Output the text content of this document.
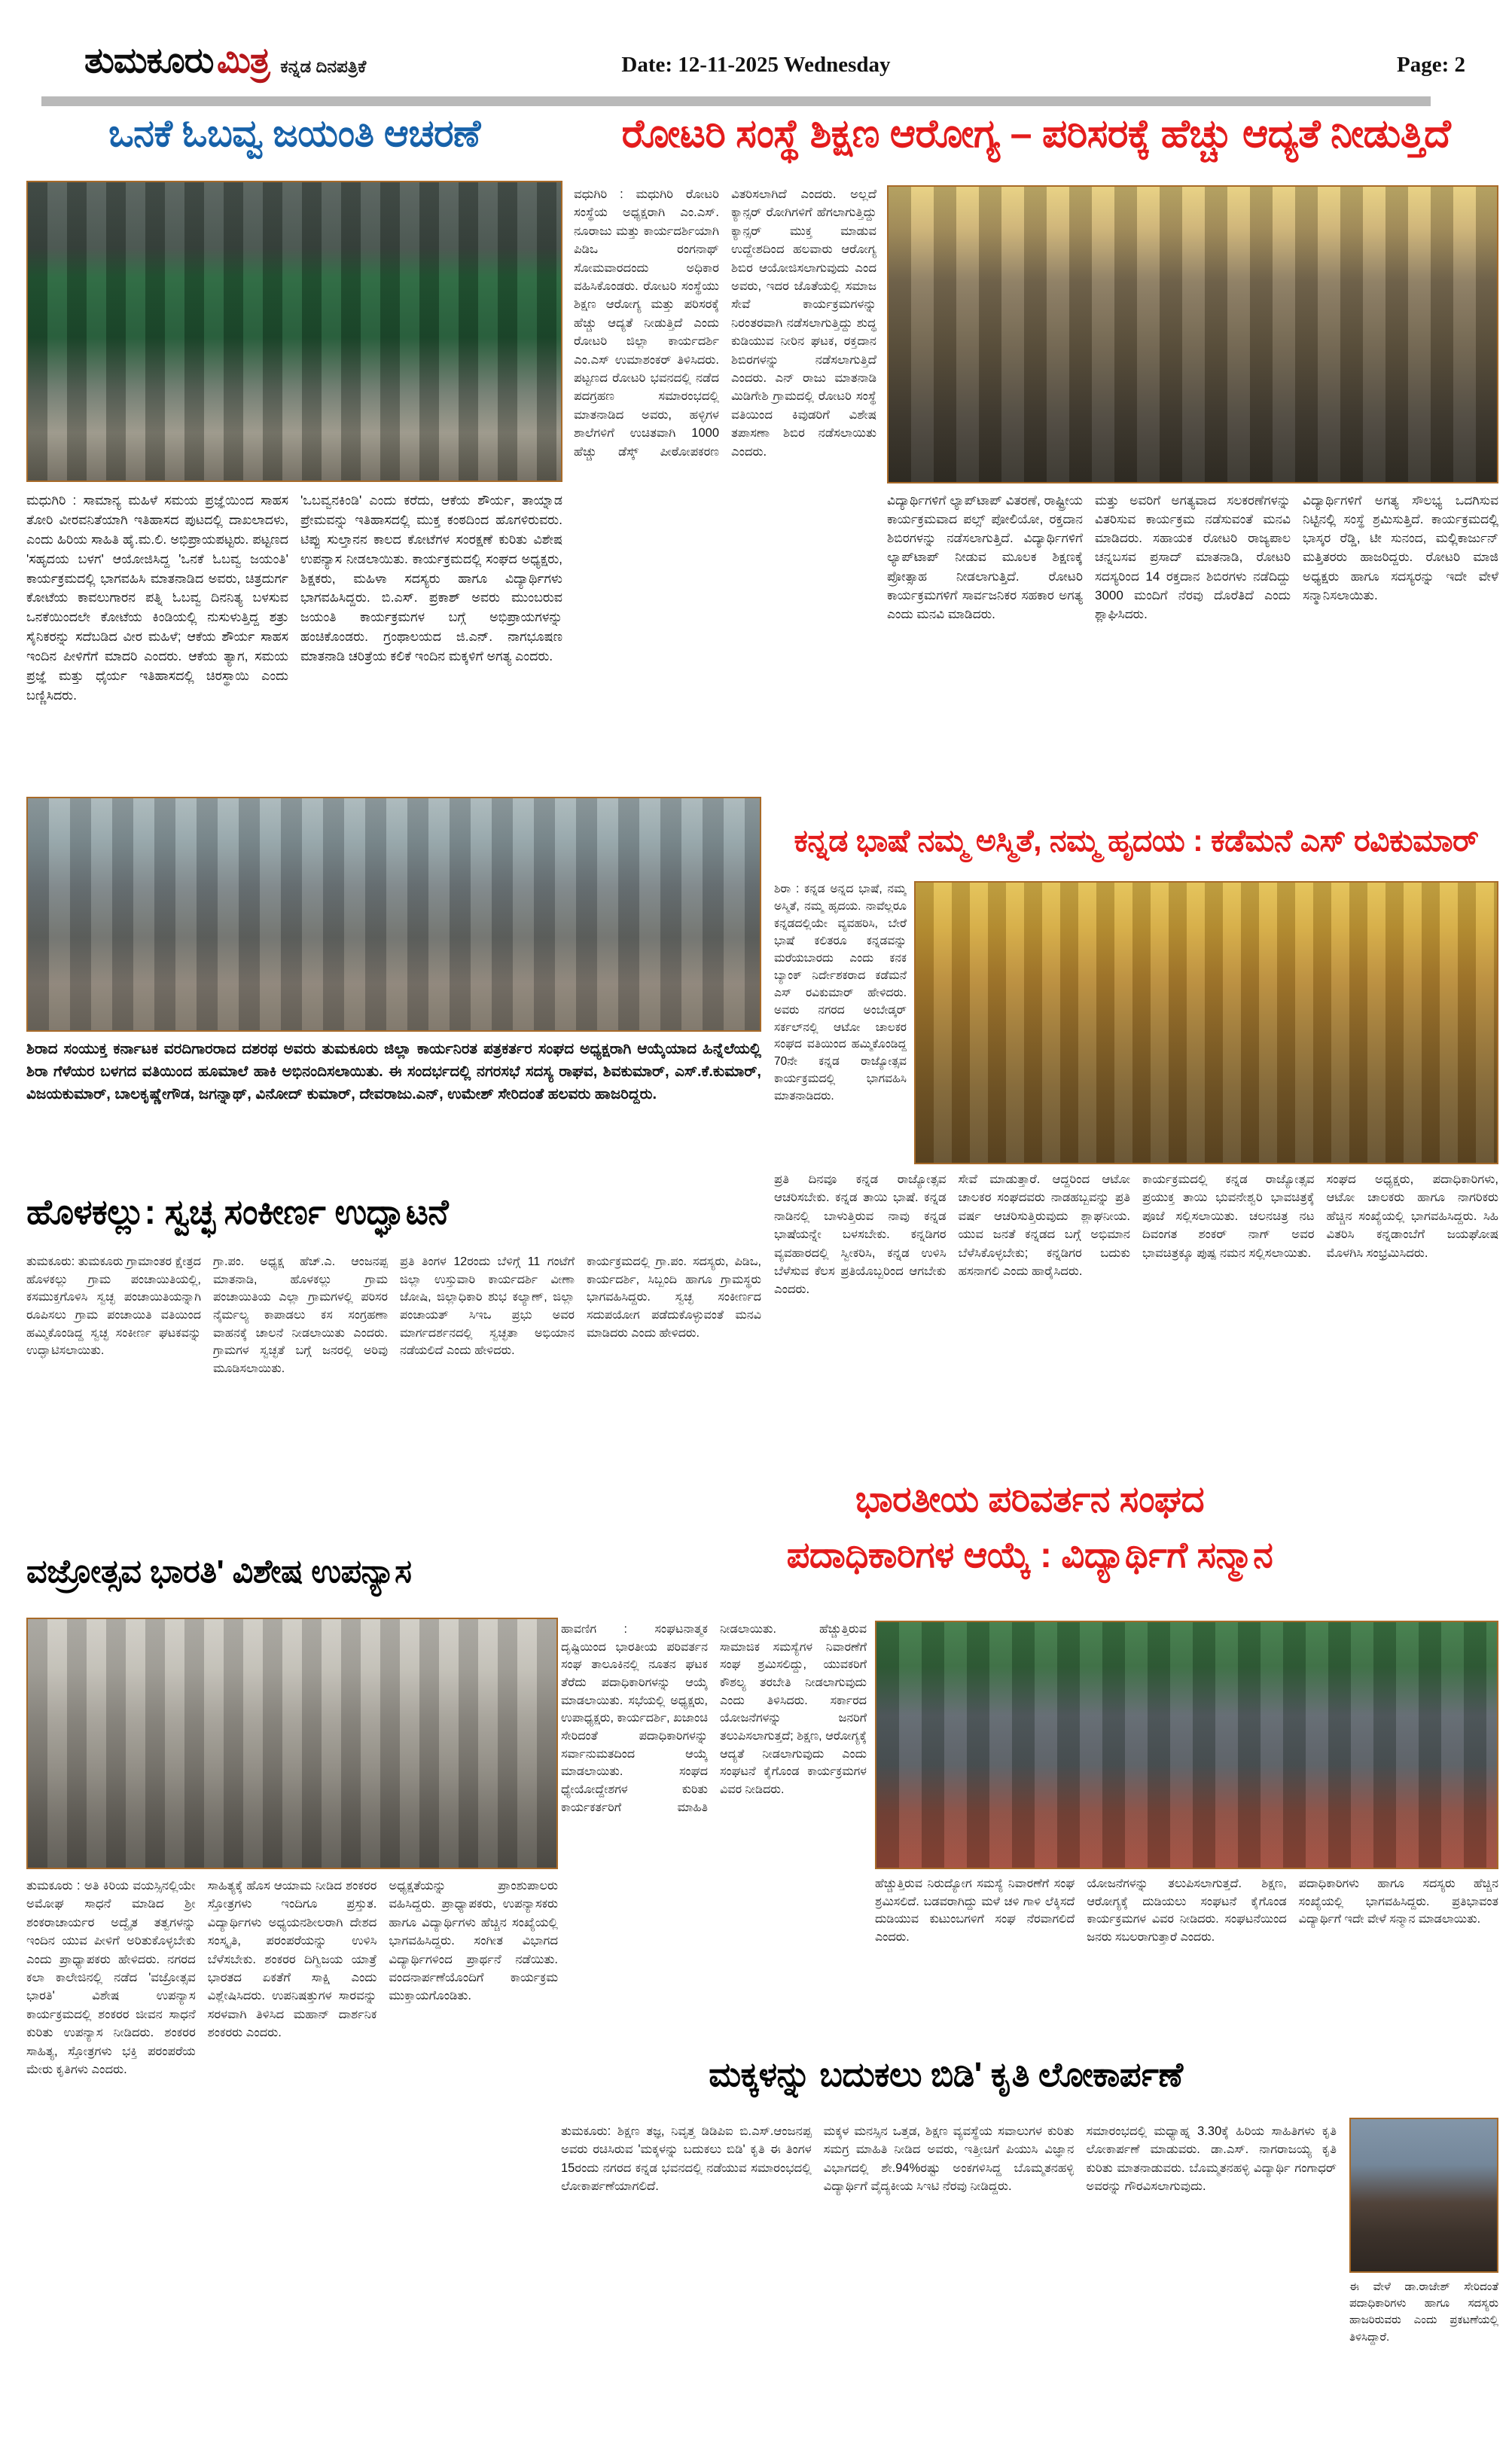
ತುಮಕೂರು ಮಿತ್ರ ಕನ್ನಡ ದಿನಪತ್ರಿಕೆ	Date: 12-11-2025 Wednesday	Page: 2
ಒನಕೆ ಓಬವ್ವ ಜಯಂತಿ ಆಚರಣೆ
ಮಧುಗಿರಿ : ಸಾಮಾನ್ಯ ಮಹಿಳೆ ಸಮಯ ಪ್ರಜ್ಞೆಯಿಂದ ಸಾಹಸ ತೋರಿ ವೀರವನಿತೆಯಾಗಿ ಇತಿಹಾಸದ ಪುಟದಲ್ಲಿ ದಾಖಲಾದಳು, ಎಂದು ಹಿರಿಯ ಸಾಹಿತಿ ಹೈ.ಮ.ಲಿ. ಅಭಿಪ್ರಾಯಪಟ್ಟರು. ಪಟ್ಟಣದ 'ಸಹೃದಯ ಬಳಗ' ಆಯೋಜಿಸಿದ್ದ 'ಒನಕೆ ಓಬವ್ವ ಜಯಂತಿ' ಕಾರ್ಯಕ್ರಮದಲ್ಲಿ ಭಾಗವಹಿಸಿ ಮಾತನಾಡಿದ ಅವರು, ಚಿತ್ರದುರ್ಗ ಕೋಟೆಯ ಕಾವಲುಗಾರನ ಪತ್ನಿ ಓಬವ್ವ ದಿನನಿತ್ಯ ಬಳಸುವ ಒನಕೆಯಿಂದಲೇ ಕೋಟೆಯ ಕಿಂಡಿಯಲ್ಲಿ ನುಸುಳುತ್ತಿದ್ದ ಶತ್ರು ಸೈನಿಕರನ್ನು ಸದೆಬಡಿದ ವೀರ ಮಹಿಳೆ; ಆಕೆಯ ಶೌರ್ಯ ಸಾಹಸ ಇಂದಿನ ಪೀಳಿಗೆಗೆ ಮಾದರಿ ಎಂದರು. ಆಕೆಯ ತ್ಯಾಗ, ಸಮಯ ಪ್ರಜ್ಞೆ ಮತ್ತು ಧೈರ್ಯ ಇತಿಹಾಸದಲ್ಲಿ ಚಿರಸ್ಥಾಯಿ ಎಂದು ಬಣ್ಣಿಸಿದರು.
'ಒಬವ್ವನಕಿಂಡಿ' ಎಂದು ಕರೆದು, ಆಕೆಯ ಶೌರ್ಯ, ತಾಯ್ನಾಡ ಪ್ರೇಮವನ್ನು ಇತಿಹಾಸದಲ್ಲಿ ಮುಕ್ತ ಕಂಠದಿಂದ ಹೊಗಳಿರುವರು. ಟಿಪ್ಪು ಸುಲ್ತಾನನ ಕಾಲದ ಕೋಟೆಗಳ ಸಂರಕ್ಷಣೆ ಕುರಿತು ವಿಶೇಷ ಉಪನ್ಯಾಸ ನೀಡಲಾಯಿತು. ಕಾರ್ಯಕ್ರಮದಲ್ಲಿ ಸಂಘದ ಅಧ್ಯಕ್ಷರು, ಶಿಕ್ಷಕರು, ಮಹಿಳಾ ಸದಸ್ಯರು ಹಾಗೂ ವಿದ್ಯಾರ್ಥಿಗಳು ಭಾಗವಹಿಸಿದ್ದರು. ಬಿ.ಎಸ್. ಪ್ರಕಾಶ್ ಅವರು ಮುಂಬರುವ ಜಯಂತಿ ಕಾರ್ಯಕ್ರಮಗಳ ಬಗ್ಗೆ ಅಭಿಪ್ರಾಯಗಳನ್ನು ಹಂಚಿಕೊಂಡರು. ಗ್ರಂಥಾಲಯದ ಜಿ.ಎನ್. ನಾಗಭೂಷಣ ಮಾತನಾಡಿ ಚರಿತ್ರೆಯ ಕಲಿಕೆ ಇಂದಿನ ಮಕ್ಕಳಿಗೆ ಅಗತ್ಯ ಎಂದರು.
ರೋಟರಿ ಸಂಸ್ಥೆ ಶಿಕ್ಷಣ ಆರೋಗ್ಯ – ಪರಿಸರಕ್ಕೆ ಹೆಚ್ಚು ಆದ್ಯತೆ ನೀಡುತ್ತಿದೆ
ವಧುಗಿರಿ : ಮಧುಗಿರಿ ರೋಟರಿ ಸಂಸ್ಥೆಯ ಅಧ್ಯಕ್ಷರಾಗಿ ಎಂ.ಎಸ್. ನೂರಾಜು ಮತ್ತು ಕಾರ್ಯದರ್ಶಿಯಾಗಿ ಪಿಡಿಒ ರಂಗನಾಥ್ ಸೋಮವಾರದಂದು ಅಧಿಕಾರ ವಹಿಸಿಕೊಂಡರು. ರೋಟರಿ ಸಂಸ್ಥೆಯು ಶಿಕ್ಷಣ ಆರೋಗ್ಯ ಮತ್ತು ಪರಿಸರಕ್ಕೆ ಹೆಚ್ಚು ಆದ್ಯತೆ ನೀಡುತ್ತಿದೆ ಎಂದು ರೋಟರಿ ಜಿಲ್ಲಾ ಕಾರ್ಯದರ್ಶಿ ಎಂ.ಎಸ್ ಉಮಾಶಂಕರ್ ತಿಳಿಸಿದರು. ಪಟ್ಟಣದ ರೋಟರಿ ಭವನದಲ್ಲಿ ನಡೆದ ಪದಗ್ರಹಣ ಸಮಾರಂಭದಲ್ಲಿ ಮಾತನಾಡಿದ ಅವರು, ಹಳ್ಳಿಗಳ ಶಾಲೆಗಳಿಗೆ ಉಚಿತವಾಗಿ 1000 ಹೆಚ್ಚು ಡೆಸ್ಕ್ ಪೀಠೋಪಕರಣ ವಿತರಿಸಲಾಗಿದೆ ಎಂದರು. ಅಲ್ಲದೆ ಕ್ಯಾನ್ಸರ್ ರೋಗಿಗಳಿಗೆ ಹೆಗಲಾಗುತ್ತಿದ್ದು ಕ್ಯಾನ್ಸರ್ ಮುಕ್ತ ಮಾಡುವ ಉದ್ದೇಶದಿಂದ ಹಲವಾರು ಆರೋಗ್ಯ ಶಿಬಿರ ಆಯೋಜಿಸಲಾಗುವುದು ಎಂದ ಅವರು, ಇದರ ಜೊತೆಯಲ್ಲಿ ಸಮಾಜ ಸೇವೆ ಕಾರ್ಯಕ್ರಮಗಳನ್ನು ನಿರಂತರವಾಗಿ ನಡೆಸಲಾಗುತ್ತಿದ್ದು ಶುದ್ಧ ಕುಡಿಯುವ ನೀರಿನ ಘಟಕ, ರಕ್ತದಾನ ಶಿಬಿರಗಳನ್ನು ನಡೆಸಲಾಗುತ್ತಿದೆ ಎಂದರು. ಎನ್ ರಾಜು ಮಾತನಾಡಿ ಮಿಡಿಗೇಶಿ ಗ್ರಾಮದಲ್ಲಿ ರೋಟರಿ ಸಂಸ್ಥೆ ವತಿಯಿಂದ ಕಿವುಡರಿಗೆ ವಿಶೇಷ ತಪಾಸಣಾ ಶಿಬಿರ ನಡೆಸಲಾಯಿತು ಎಂದರು.
ವಿದ್ಯಾರ್ಥಿಗಳಿಗೆ ಲ್ಯಾಪ್‌ಟಾಪ್ ವಿತರಣೆ, ರಾಷ್ಟ್ರೀಯ ಕಾರ್ಯಕ್ರಮವಾದ ಪಲ್ಸ್ ಪೋಲಿಯೋ, ರಕ್ತದಾನ ಶಿಬಿರಗಳನ್ನು ನಡೆಸಲಾಗುತ್ತಿದೆ. ವಿದ್ಯಾರ್ಥಿಗಳಿಗೆ ಲ್ಯಾಪ್‌ಟಾಪ್ ನೀಡುವ ಮೂಲಕ ಶಿಕ್ಷಣಕ್ಕೆ ಪ್ರೋತ್ಸಾಹ ನೀಡಲಾಗುತ್ತಿದೆ. ರೋಟರಿ ಕಾರ್ಯಕ್ರಮಗಳಿಗೆ ಸಾರ್ವಜನಿಕರ ಸಹಕಾರ ಅಗತ್ಯ ಎಂದು ಮನವಿ ಮಾಡಿದರು.
ಮತ್ತು ಅವರಿಗೆ ಅಗತ್ಯವಾದ ಸಲಕರಣೆಗಳನ್ನು ವಿತರಿಸುವ ಕಾರ್ಯಕ್ರಮ ನಡೆಸುವಂತೆ ಮನವಿ ಮಾಡಿದರು. ಸಹಾಯಕ ರೋಟರಿ ರಾಜ್ಯಪಾಲ ಚನ್ನಬಸವ ಪ್ರಸಾದ್ ಮಾತನಾಡಿ, ರೋಟರಿ ಸದಸ್ಯರಿಂದ 14 ರಕ್ತದಾನ ಶಿಬಿರಗಳು ನಡೆದಿದ್ದು 3000 ಮಂದಿಗೆ ನೆರವು ದೊರೆತಿದೆ ಎಂದು ಶ್ಲಾಘಿಸಿದರು.
ವಿದ್ಯಾರ್ಥಿಗಳಿಗೆ ಅಗತ್ಯ ಸೌಲಭ್ಯ ಒದಗಿಸುವ ನಿಟ್ಟಿನಲ್ಲಿ ಸಂಸ್ಥೆ ಶ್ರಮಿಸುತ್ತಿದೆ. ಕಾರ್ಯಕ್ರಮದಲ್ಲಿ ಭಾಸ್ಕರ ರೆಡ್ಡಿ, ಟೀ ಸುನಂದ, ಮಲ್ಲಿಕಾರ್ಜುನ್ ಮತ್ತಿತರರು ಹಾಜರಿದ್ದರು. ರೋಟರಿ ಮಾಜಿ ಅಧ್ಯಕ್ಷರು ಹಾಗೂ ಸದಸ್ಯರನ್ನು ಇದೇ ವೇಳೆ ಸನ್ಮಾನಿಸಲಾಯಿತು.
ಕನ್ನಡ ಭಾಷೆ ನಮ್ಮ ಅಸ್ಮಿತೆ, ನಮ್ಮ ಹೃದಯ : ಕಡೆಮನೆ ಎಸ್ ರವಿಕುಮಾರ್
ಶಿರಾ : ಕನ್ನಡ ಅನ್ನದ ಭಾಷೆ, ನಮ್ಮ ಅಸ್ಮಿತೆ, ನಮ್ಮ ಹೃದಯ. ನಾವೆಲ್ಲರೂ ಕನ್ನಡದಲ್ಲಿಯೇ ವ್ಯವಹರಿಸಿ, ಬೇರೆ ಭಾಷೆ ಕಲಿತರೂ ಕನ್ನಡವನ್ನು ಮರೆಯಬಾರದು ಎಂದು ಕನಕ ಬ್ಯಾಂಕ್ ನಿರ್ದೇಶಕರಾದ ಕಡೆಮನೆ ಎಸ್ ರವಿಕುಮಾರ್ ಹೇಳಿದರು. ಅವರು ನಗರದ ಅಂಬೇಡ್ಕರ್ ಸರ್ಕಲ್‌ನಲ್ಲಿ ಆಟೋ ಚಾಲಕರ ಸಂಘದ ವತಿಯಿಂದ ಹಮ್ಮಿಕೊಂಡಿದ್ದ 70ನೇ ಕನ್ನಡ ರಾಜ್ಯೋತ್ಸವ ಕಾರ್ಯಕ್ರಮದಲ್ಲಿ ಭಾಗವಹಿಸಿ ಮಾತನಾಡಿದರು.
ಪ್ರತಿ ದಿನವೂ ಕನ್ನಡ ರಾಜ್ಯೋತ್ಸವ ಆಚರಿಸಬೇಕು. ಕನ್ನಡ ತಾಯಿ ಭಾಷೆ. ಕನ್ನಡ ನಾಡಿನಲ್ಲಿ ಬಾಳುತ್ತಿರುವ ನಾವು ಕನ್ನಡ ಭಾಷೆಯನ್ನೇ ಬಳಸಬೇಕು. ಕನ್ನಡಿಗರ ವ್ಯವಹಾರದಲ್ಲಿ ಸ್ವೀಕರಿಸಿ, ಕನ್ನಡ ಉಳಿಸಿ ಬೆಳೆಸುವ ಕೆಲಸ ಪ್ರತಿಯೊಬ್ಬರಿಂದ ಆಗಬೇಕು ಎಂದರು.
ಸೇವೆ ಮಾಡುತ್ತಾರೆ. ಆದ್ದರಿಂದ ಆಟೋ ಚಾಲಕರ ಸಂಘದವರು ನಾಡಹಬ್ಬವನ್ನು ಪ್ರತಿ ವರ್ಷ ಆಚರಿಸುತ್ತಿರುವುದು ಶ್ಲಾಘನೀಯ. ಯುವ ಜನತೆ ಕನ್ನಡದ ಬಗ್ಗೆ ಅಭಿಮಾನ ಬೆಳೆಸಿಕೊಳ್ಳಬೇಕು; ಕನ್ನಡಿಗರ ಬದುಕು ಹಸನಾಗಲಿ ಎಂದು ಹಾರೈಸಿದರು.
ಕಾರ್ಯಕ್ರಮದಲ್ಲಿ ಕನ್ನಡ ರಾಜ್ಯೋತ್ಸವ ಪ್ರಯುಕ್ತ ತಾಯಿ ಭುವನೇಶ್ವರಿ ಭಾವಚಿತ್ರಕ್ಕೆ ಪೂಜೆ ಸಲ್ಲಿಸಲಾಯಿತು. ಚಲನಚಿತ್ರ ನಟ ದಿವಂಗತ ಶಂಕರ್ ನಾಗ್ ಅವರ ಭಾವಚಿತ್ರಕ್ಕೂ ಪುಷ್ಪ ನಮನ ಸಲ್ಲಿಸಲಾಯಿತು.
ಸಂಘದ ಅಧ್ಯಕ್ಷರು, ಪದಾಧಿಕಾರಿಗಳು, ಆಟೋ ಚಾಲಕರು ಹಾಗೂ ನಾಗರಿಕರು ಹೆಚ್ಚಿನ ಸಂಖ್ಯೆಯಲ್ಲಿ ಭಾಗವಹಿಸಿದ್ದರು. ಸಿಹಿ ವಿತರಿಸಿ ಕನ್ನಡಾಂಬೆಗೆ ಜಯಘೋಷ ಮೊಳಗಿಸಿ ಸಂಭ್ರಮಿಸಿದರು.
ಶಿರಾದ ಸಂಯುಕ್ತ ಕರ್ನಾಟಕ ವರದಿಗಾರರಾದ ದಶರಥ ಅವರು ತುಮಕೂರು ಜಿಲ್ಲಾ ಕಾರ್ಯನಿರತ ಪತ್ರಕರ್ತರ ಸಂಘದ ಅಧ್ಯಕ್ಷರಾಗಿ ಆಯ್ಕೆಯಾದ ಹಿನ್ನೆಲೆಯಲ್ಲಿ ಶಿರಾ ಗೆಳೆಯರ ಬಳಗದ ವತಿಯಿಂದ ಹೂಮಾಲೆ ಹಾಕಿ ಅಭಿನಂದಿಸಲಾಯಿತು. ಈ ಸಂದರ್ಭದಲ್ಲಿ ನಗರಸಭೆ ಸದಸ್ಯ ರಾಘವ, ಶಿವಕುಮಾರ್, ಎಸ್.ಕೆ.ಕುಮಾರ್, ವಿಜಯಕುಮಾರ್, ಬಾಲಕೃಷ್ಣೇಗೌಡ, ಜಗನ್ನಾಥ್, ವಿನೋದ್ ಕುಮಾರ್, ದೇವರಾಜು.ಎನ್, ಉಮೇಶ್ ಸೇರಿದಂತೆ ಹಲವರು ಹಾಜರಿದ್ದರು.
ಹೊಳಕಲ್ಲು: ಸ್ವಚ್ಛ ಸಂಕೀರ್ಣ ಉದ್ಘಾಟನೆ
ತುಮಕೂರು: ತುಮಕೂರು ಗ್ರಾಮಾಂತರ ಕ್ಷೇತ್ರದ ಹೊಳಕಲ್ಲು ಗ್ರಾಮ ಪಂಚಾಯಿತಿಯಲ್ಲಿ, ಕಸಮುಕ್ತಗೊಳಿಸಿ ಸ್ವಚ್ಛ ಪಂಚಾಯಿತಿಯನ್ನಾಗಿ ರೂಪಿಸಲು ಗ್ರಾಮ ಪಂಚಾಯಿತಿ ವತಿಯಿಂದ ಹಮ್ಮಿಕೊಂಡಿದ್ದ ಸ್ವಚ್ಛ ಸಂಕೀರ್ಣ ಘಟಕವನ್ನು ಉದ್ಘಾಟಿಸಲಾಯಿತು.
ಗ್ರಾ.ಪಂ. ಅಧ್ಯಕ್ಷ ಹೆಚ್.ಎ. ಆಂಜನಪ್ಪ ಮಾತನಾಡಿ, ಹೊಳಕಲ್ಲು ಗ್ರಾಮ ಪಂಚಾಯಿತಿಯ ಎಲ್ಲಾ ಗ್ರಾಮಗಳಲ್ಲಿ ಪರಿಸರ ನೈರ್ಮಲ್ಯ ಕಾಪಾಡಲು ಕಸ ಸಂಗ್ರಹಣಾ ವಾಹನಕ್ಕೆ ಚಾಲನೆ ನೀಡಲಾಯಿತು ಎಂದರು. ಗ್ರಾಮಗಳ ಸ್ವಚ್ಛತೆ ಬಗ್ಗೆ ಜನರಲ್ಲಿ ಅರಿವು ಮೂಡಿಸಲಾಯಿತು.
ಪ್ರತಿ ತಿಂಗಳ 12ರಂದು ಬೆಳಿಗ್ಗೆ 11 ಗಂಟೆಗೆ ಜಿಲ್ಲಾ ಉಸ್ತುವಾರಿ ಕಾರ್ಯದರ್ಶಿ ವೀಣಾ ಜೋಷಿ, ಜಿಲ್ಲಾಧಿಕಾರಿ ಶುಭ ಕಲ್ಯಾಣ್, ಜಿಲ್ಲಾ ಪಂಚಾಯತ್ ಸಿಇಒ ಪ್ರಭು ಅವರ ಮಾರ್ಗದರ್ಶನದಲ್ಲಿ ಸ್ವಚ್ಛತಾ ಅಭಿಯಾನ ನಡೆಯಲಿದೆ ಎಂದು ಹೇಳಿದರು.
ಕಾರ್ಯಕ್ರಮದಲ್ಲಿ ಗ್ರಾ.ಪಂ. ಸದಸ್ಯರು, ಪಿಡಿಒ, ಕಾರ್ಯದರ್ಶಿ, ಸಿಬ್ಬಂದಿ ಹಾಗೂ ಗ್ರಾಮಸ್ಥರು ಭಾಗವಹಿಸಿದ್ದರು. ಸ್ವಚ್ಛ ಸಂಕೀರ್ಣದ ಸದುಪಯೋಗ ಪಡೆದುಕೊಳ್ಳುವಂತೆ ಮನವಿ ಮಾಡಿದರು ಎಂದು ಹೇಳಿದರು.
ವಜ್ರೋತ್ಸವ ಭಾರತಿ' ವಿಶೇಷ ಉಪನ್ಯಾಸ
ತುಮಕೂರು : ಅತಿ ಕಿರಿಯ ವಯಸ್ಸಿನಲ್ಲಿಯೇ ಅಮೋಘ ಸಾಧನೆ ಮಾಡಿದ ಶ್ರೀ ಶಂಕರಾಚಾರ್ಯರ ಅದ್ವೈತ ತತ್ವಗಳನ್ನು ಇಂದಿನ ಯುವ ಪೀಳಿಗೆ ಅರಿತುಕೊಳ್ಳಬೇಕು ಎಂದು ಪ್ರಾಧ್ಯಾಪಕರು ಹೇಳಿದರು. ನಗರದ ಕಲಾ ಕಾಲೇಜಿನಲ್ಲಿ ನಡೆದ 'ವಜ್ರೋತ್ಸವ ಭಾರತಿ' ವಿಶೇಷ ಉಪನ್ಯಾಸ ಕಾರ್ಯಕ್ರಮದಲ್ಲಿ ಶಂಕರರ ಜೀವನ ಸಾಧನೆ ಕುರಿತು ಉಪನ್ಯಾಸ ನೀಡಿದರು. ಶಂಕರರ ಸಾಹಿತ್ಯ, ಸ್ತೋತ್ರಗಳು ಭಕ್ತಿ ಪರಂಪರೆಯ ಮೇರು ಕೃತಿಗಳು ಎಂದರು.
ಸಾಹಿತ್ಯಕ್ಕೆ ಹೊಸ ಆಯಾಮ ನೀಡಿದ ಶಂಕರರ ಸ್ತೋತ್ರಗಳು ಇಂದಿಗೂ ಪ್ರಸ್ತುತ. ವಿದ್ಯಾರ್ಥಿಗಳು ಅಧ್ಯಯನಶೀಲರಾಗಿ ದೇಶದ ಸಂಸ್ಕೃತಿ, ಪರಂಪರೆಯನ್ನು ಉಳಿಸಿ ಬೆಳೆಸಬೇಕು. ಶಂಕರರ ದಿಗ್ವಿಜಯ ಯಾತ್ರೆ ಭಾರತದ ಏಕತೆಗೆ ಸಾಕ್ಷಿ ಎಂದು ವಿಶ್ಲೇಷಿಸಿದರು. ಉಪನಿಷತ್ತುಗಳ ಸಾರವನ್ನು ಸರಳವಾಗಿ ತಿಳಿಸಿದ ಮಹಾನ್ ದಾರ್ಶನಿಕ ಶಂಕರರು ಎಂದರು.
ಅಧ್ಯಕ್ಷತೆಯನ್ನು ಪ್ರಾಂಶುಪಾಲರು ವಹಿಸಿದ್ದರು. ಪ್ರಾಧ್ಯಾಪಕರು, ಉಪನ್ಯಾಸಕರು ಹಾಗೂ ವಿದ್ಯಾರ್ಥಿಗಳು ಹೆಚ್ಚಿನ ಸಂಖ್ಯೆಯಲ್ಲಿ ಭಾಗವಹಿಸಿದ್ದರು. ಸಂಗೀತ ವಿಭಾಗದ ವಿದ್ಯಾರ್ಥಿಗಳಿಂದ ಪ್ರಾರ್ಥನೆ ನಡೆಯಿತು. ವಂದನಾರ್ಪಣೆಯೊಂದಿಗೆ ಕಾರ್ಯಕ್ರಮ ಮುಕ್ತಾಯಗೊಂಡಿತು.
ಭಾರತೀಯ ಪರಿವರ್ತನ ಸಂಘದ
ಪದಾಧಿಕಾರಿಗಳ ಆಯ್ಕೆ : ವಿದ್ಯಾರ್ಥಿಗೆ ಸನ್ಮಾನ
ಹಾವಣಿಗ : ಸಂಘಟನಾತ್ಮಕ ದೃಷ್ಟಿಯಿಂದ ಭಾರತೀಯ ಪರಿವರ್ತನ ಸಂಘ ತಾಲೂಕಿನಲ್ಲಿ ನೂತನ ಘಟಕ ತೆರೆದು ಪದಾಧಿಕಾರಿಗಳನ್ನು ಆಯ್ಕೆ ಮಾಡಲಾಯಿತು. ಸಭೆಯಲ್ಲಿ ಅಧ್ಯಕ್ಷರು, ಉಪಾಧ್ಯಕ್ಷರು, ಕಾರ್ಯದರ್ಶಿ, ಖಜಾಂಚಿ ಸೇರಿದಂತೆ ಪದಾಧಿಕಾರಿಗಳನ್ನು ಸರ್ವಾನುಮತದಿಂದ ಆಯ್ಕೆ ಮಾಡಲಾಯಿತು. ಸಂಘದ ಧ್ಯೇಯೋದ್ದೇಶಗಳ ಕುರಿತು ಕಾರ್ಯಕರ್ತರಿಗೆ ಮಾಹಿತಿ ನೀಡಲಾಯಿತು. ಹೆಚ್ಚುತ್ತಿರುವ ಸಾಮಾಜಿಕ ಸಮಸ್ಯೆಗಳ ನಿವಾರಣೆಗೆ ಸಂಘ ಶ್ರಮಿಸಲಿದ್ದು, ಯುವಕರಿಗೆ ಕೌಶಲ್ಯ ತರಬೇತಿ ನೀಡಲಾಗುವುದು ಎಂದು ತಿಳಿಸಿದರು. ಸರ್ಕಾರದ ಯೋಜನೆಗಳನ್ನು ಜನರಿಗೆ ತಲುಪಿಸಲಾಗುತ್ತದೆ; ಶಿಕ್ಷಣ, ಆರೋಗ್ಯಕ್ಕೆ ಆದ್ಯತೆ ನೀಡಲಾಗುವುದು ಎಂದು ಸಂಘಟನೆ ಕೈಗೊಂಡ ಕಾರ್ಯಕ್ರಮಗಳ ವಿವರ ನೀಡಿದರು.
ಹೆಚ್ಚುತ್ತಿರುವ ನಿರುದ್ಯೋಗ ಸಮಸ್ಯೆ ನಿವಾರಣೆಗೆ ಸಂಘ ಶ್ರಮಿಸಲಿದೆ. ಬಡವರಾಗಿದ್ದು ಮಳೆ ಚಳಿ ಗಾಳಿ ಲೆಕ್ಕಿಸದೆ ದುಡಿಯುವ ಕುಟುಂಬಗಳಿಗೆ ಸಂಘ ನೆರವಾಗಲಿದೆ ಎಂದರು.
ಯೋಜನೆಗಳನ್ನು ತಲುಪಿಸಲಾಗುತ್ತದೆ. ಶಿಕ್ಷಣ, ಆರೋಗ್ಯಕ್ಕೆ ದುಡಿಯಲು ಸಂಘಟನೆ ಕೈಗೊಂಡ ಕಾರ್ಯಕ್ರಮಗಳ ವಿವರ ನೀಡಿದರು. ಸಂಘಟನೆಯಿಂದ ಜನರು ಸಬಲರಾಗುತ್ತಾರೆ ಎಂದರು.
ಪದಾಧಿಕಾರಿಗಳು ಹಾಗೂ ಸದಸ್ಯರು ಹೆಚ್ಚಿನ ಸಂಖ್ಯೆಯಲ್ಲಿ ಭಾಗವಹಿಸಿದ್ದರು. ಪ್ರತಿಭಾವಂತ ವಿದ್ಯಾರ್ಥಿಗೆ ಇದೇ ವೇಳೆ ಸನ್ಮಾನ ಮಾಡಲಾಯಿತು.
ಮಕ್ಕಳನ್ನು ಬದುಕಲು ಬಿಡಿ' ಕೃತಿ ಲೋಕಾರ್ಪಣೆ
ತುಮಕೂರು: ಶಿಕ್ಷಣ ತಜ್ಞ, ನಿವೃತ್ತ ಡಿಡಿಪಿಐ ಬಿ.ಎಸ್.ಆಂಜನಪ್ಪ ಅವರು ರಚಿಸಿರುವ 'ಮಕ್ಕಳನ್ನು ಬದುಕಲು ಬಿಡಿ' ಕೃತಿ ಈ ತಿಂಗಳ 15ರಂದು ನಗರದ ಕನ್ನಡ ಭವನದಲ್ಲಿ ನಡೆಯುವ ಸಮಾರಂಭದಲ್ಲಿ ಲೋಕಾರ್ಪಣೆಯಾಗಲಿದೆ.
ಮಕ್ಕಳ ಮನಸ್ಸಿನ ಒತ್ತಡ, ಶಿಕ್ಷಣ ವ್ಯವಸ್ಥೆಯ ಸವಾಲುಗಳ ಕುರಿತು ಸಮಗ್ರ ಮಾಹಿತಿ ನೀಡಿದ ಅವರು, ಇತ್ತೀಚಿಗೆ ಪಿಯುಸಿ ವಿಜ್ಞಾನ ವಿಭಾಗದಲ್ಲಿ ಶೇ.94%ರಷ್ಟು ಅಂಕಗಳಿಸಿದ್ದ ಬೊಮ್ಮತನಹಳ್ಳಿ ವಿದ್ಯಾರ್ಥಿಗೆ ವೈದ್ಯಕೀಯ ಸಿಇಟಿ ನೆರವು ನೀಡಿದ್ದರು.
ಸಮಾರಂಭದಲ್ಲಿ ಮಧ್ಯಾಹ್ನ 3.30ಕ್ಕೆ ಹಿರಿಯ ಸಾಹಿತಿಗಳು ಕೃತಿ ಲೋಕಾರ್ಪಣೆ ಮಾಡುವರು. ಡಾ.ಎಸ್. ನಾಗರಾಜಯ್ಯ ಕೃತಿ ಕುರಿತು ಮಾತನಾಡುವರು. ಬೊಮ್ಮತನಹಳ್ಳಿ ವಿದ್ಯಾರ್ಥಿ ಗಂಗಾಧರ್ ಅವರನ್ನು ಗೌರವಿಸಲಾಗುವುದು.
ಈ ವೇಳೆ ಡಾ.ರಾಜೇಶ್ ಸೇರಿದಂತೆ ಪದಾಧಿಕಾರಿಗಳು ಹಾಗೂ ಸದಸ್ಯರು ಹಾಜರಿರುವರು ಎಂದು ಪ್ರಕಟಣೆಯಲ್ಲಿ ತಿಳಿಸಿದ್ದಾರೆ.
